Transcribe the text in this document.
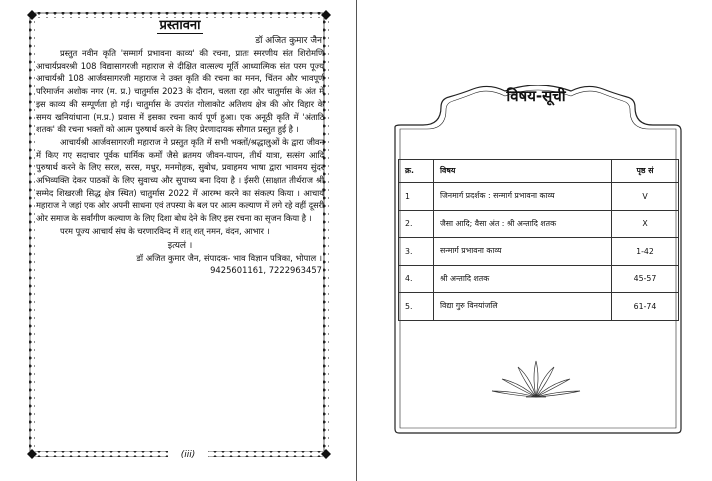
प्रस्तावना
डॉ अजित कुमार जैन

प्रस्तुत नवीन कृति 'सम्मार्ग प्रभावना काव्य' की रचना, प्रातः स्मरणीय संत शिरोमणि आचार्यप्रवरश्री 108 विद्यासागरजी महाराज से दीक्षित वात्सल्य मूर्ति आध्यात्मिक संत परम पूज्य आचार्यश्री 108 आर्जवसागरजी महाराज ने उक्त कृति की रचना का मनन, चिंतन और भावपूर्ण परिमार्जन अशोक नगर (म. प्र.) चातुर्मास 2023 के दौरान, चलता रहा और चातुर्मास के अंत में इस काव्य की सम्पूर्णता हो गई। चातुर्मास के उपरांत गोलाकोट अतिशय क्षेत्र की ओर विहार के समय खनियांधाना (म.प्र.) प्रवास में इसका रचना कार्य पूर्ण हुआ। एक अनूठी कृति में 'अंताटि शतक' की रचना भक्तों को आत्म पुरुषार्थ करने के लिए प्रेरणादायक सौगात प्रस्तुत हुई है ।

आचार्यश्री आर्जवसागरजी महाराज ने प्रस्तुत कृति में सभी भक्तों/श्रद्धालुओं के द्वारा जीवन में किए गए सदाचार पूर्वक धार्मिक कर्मों जैसे ब्रतमय जीवन-यापन, तीर्थ यात्रा, सत्संग आदि पुरुषार्थ करने के लिए सरल, सरस, मधुर, मनमोहक, सुबोध, प्रवाहमय भाषा द्वारा भावमय सुंदर अभिव्यक्ति देकर पाठकों के लिए सुवाच्य और सुपाच्य बना दिया है । ईसरी (साक्षात तीर्थराज श्री सम्मेद शिखरजी सिद्ध क्षेत्र स्थित) चातुर्मास 2022 में आरम्भ करने का संकल्प किया । आचार्य महाराज ने जहां एक ओर अपनी साधना एवं तपस्या के बल पर आत्म कल्याण में लगे रहे वहीं दूसरी ओर समाज के सर्वांगीण कल्याण के लिए दिशा बोध देने के लिए इस रचना का सृजन किया है ।

परम पूज्य आचार्य संघ के चरणारविन्द में शत् शत् नमन, वंदन, आभार ।

इत्यलं ।
डॉ अजित कुमार जैन, संपादक- भाव विज्ञान पत्रिका, भोपाल ।
9425601161, 7222963457
(iii)
विषय-सूची
क्र.	विषय	पृष्ठ सं
1	जिनमार्ग प्रदर्शक : सन्मार्ग प्रभावना काव्य	V
2.	जैसा आदि; वैसा अंत : श्री अन्तादि शतक	X
3.	सन्मार्ग प्रभावना काव्य	1-42
4.	श्री अन्तादि शतक	45-57
5.	विद्या गुरु विनयांजलि	61-74
